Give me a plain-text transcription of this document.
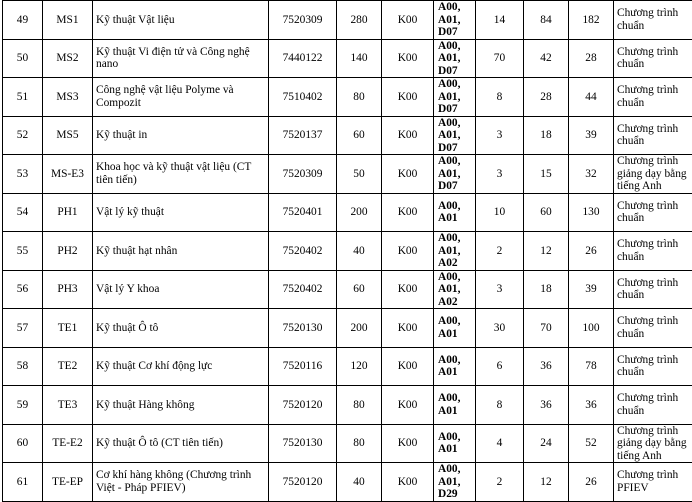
49	MS1	Kỹ thuật Vật liệu	7520309	280	K00	A00, A01, D07	14	84	182	Chương trình chuẩn
50	MS2	Kỹ thuật Vi điện tử và Công nghệ nano	7440122	140	K00	A00, A01, D07	70	42	28	Chương trình chuẩn
51	MS3	Công nghệ vật liệu Polyme và Compozit	7510402	80	K00	A00, A01, D07	8	28	44	Chương trình chuẩn
52	MS5	Kỹ thuật in	7520137	60	K00	A00, A01, D07	3	18	39	Chương trình chuẩn
53	MS-E3	Khoa học và kỹ thuật vật liệu (CT tiên tiến)	7520309	50	K00	A00, A01, D07	3	15	32	Chương trình giảng dạy bằng tiếng Anh
54	PH1	Vật lý kỹ thuật	7520401	200	K00	A00, A01	10	60	130	Chương trình chuẩn
55	PH2	Kỹ thuật hạt nhân	7520402	40	K00	A00, A01, A02	2	12	26	Chương trình chuẩn
56	PH3	Vật lý Y khoa	7520402	60	K00	A00, A01, A02	3	18	39	Chương trình chuẩn
57	TE1	Kỹ thuật Ô tô	7520130	200	K00	A00, A01	30	70	100	Chương trình chuẩn
58	TE2	Kỹ thuật Cơ khí động lực	7520116	120	K00	A00, A01	6	36	78	Chương trình chuẩn
59	TE3	Kỹ thuật Hàng không	7520120	80	K00	A00, A01	8	36	36	Chương trình chuẩn
60	TE-E2	Kỹ thuật Ô tô (CT tiên tiến)	7520130	80	K00	A00, A01	4	24	52	Chương trình giảng dạy bằng tiếng Anh
61	TE-EP	Cơ khí hàng không (Chương trình Việt - Pháp PFIEV)	7520120	40	K00	A00, A01, D29	2	12	26	Chương trình PFIEV
